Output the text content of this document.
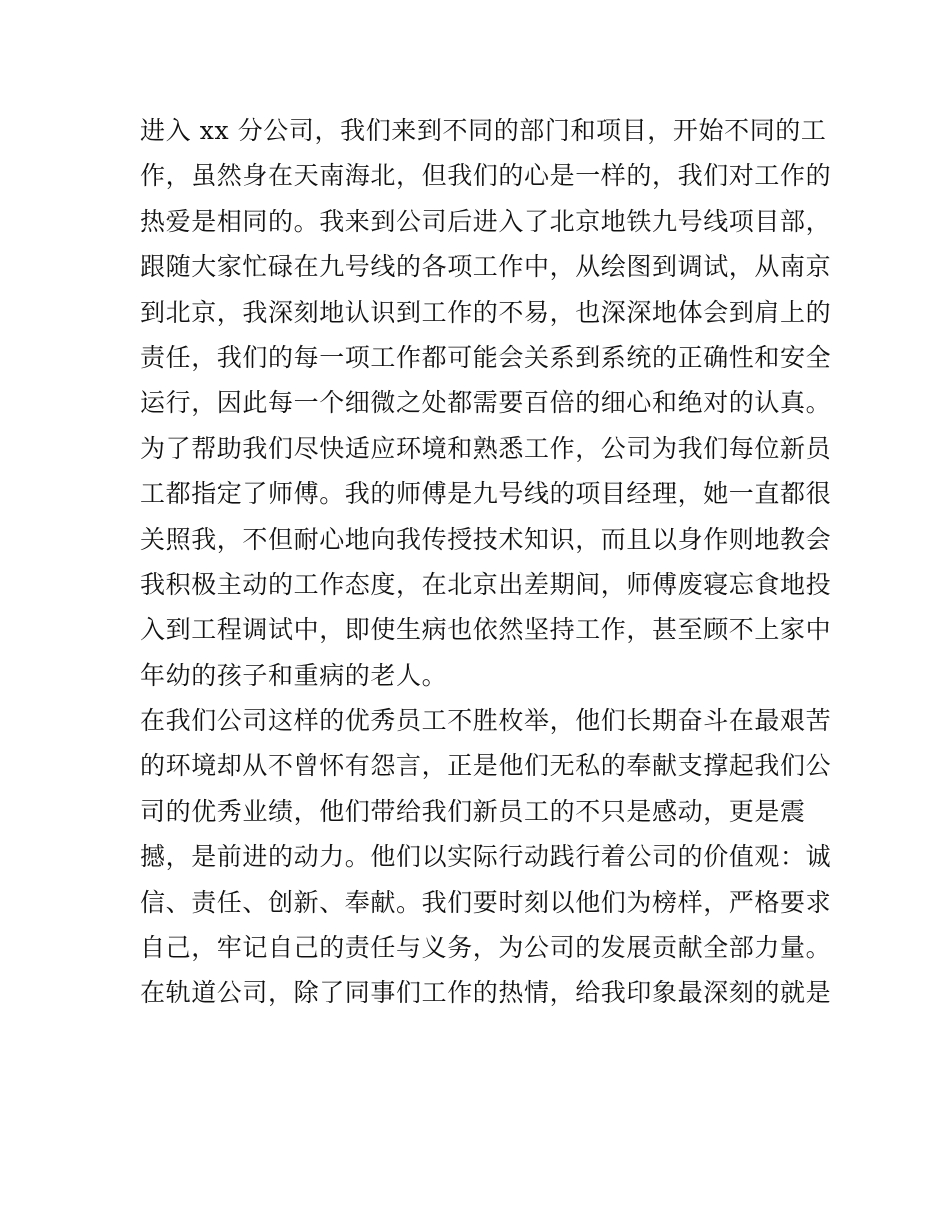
进入 xx 分公司，我们来到不同的部门和项目，开始不同的工
作，虽然身在天南海北，但我们的心是一样的，我们对工作的
热爱是相同的。我来到公司后进入了北京地铁九号线项目部，
跟随大家忙碌在九号线的各项工作中，从绘图到调试，从南京
到北京，我深刻地认识到工作的不易，也深深地体会到肩上的
责任，我们的每一项工作都可能会关系到系统的正确性和安全
运行，因此每一个细微之处都需要百倍的细心和绝对的认真。
为了帮助我们尽快适应环境和熟悉工作，公司为我们每位新员
工都指定了师傅。我的师傅是九号线的项目经理，她一直都很
关照我，不但耐心地向我传授技术知识，而且以身作则地教会
我积极主动的工作态度，在北京出差期间，师傅废寝忘食地投
入到工程调试中，即使生病也依然坚持工作，甚至顾不上家中
年幼的孩子和重病的老人。
在我们公司这样的优秀员工不胜枚举，他们长期奋斗在最艰苦
的环境却从不曾怀有怨言，正是他们无私的奉献支撑起我们公
司的优秀业绩，他们带给我们新员工的不只是感动，更是震
撼，是前进的动力。他们以实际行动践行着公司的价值观：诚
信、责任、创新、奉献。我们要时刻以他们为榜样，严格要求
自己，牢记自己的责任与义务，为公司的发展贡献全部力量。
在轨道公司，除了同事们工作的热情，给我印象最深刻的就是
